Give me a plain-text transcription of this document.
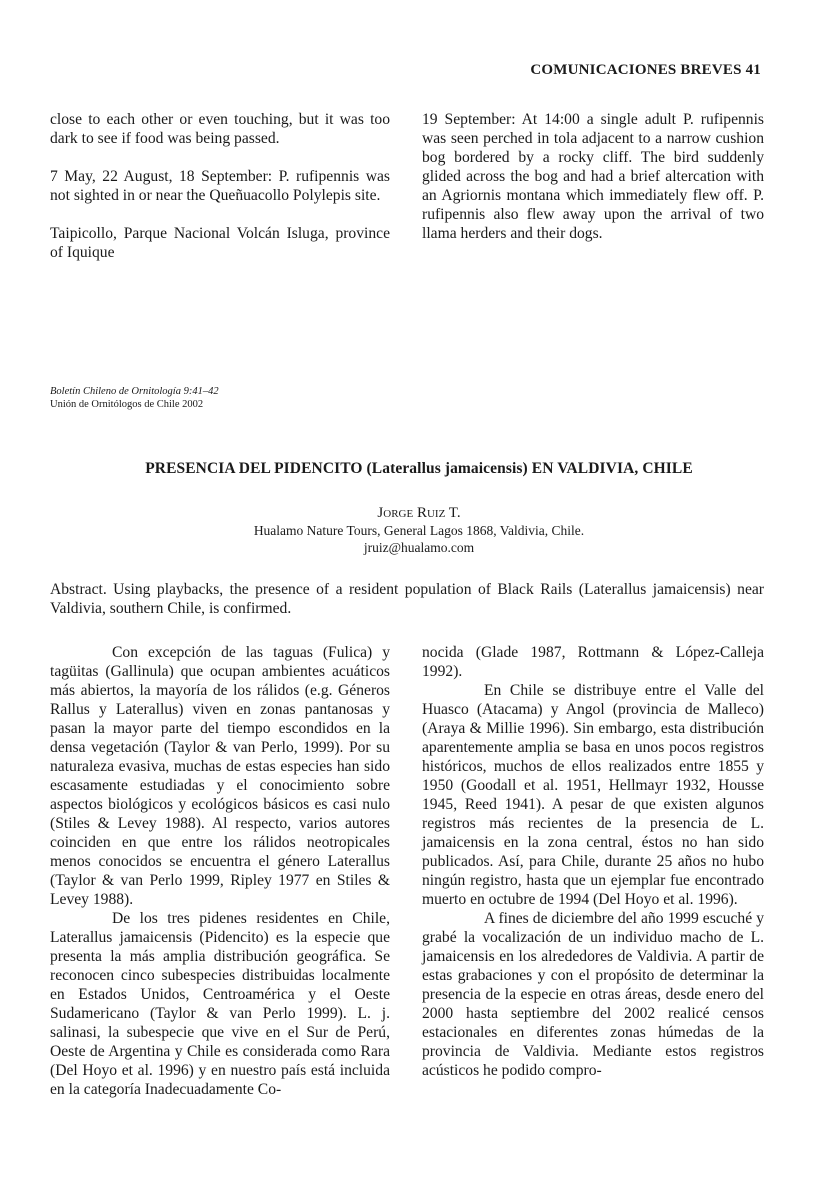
COMUNICACIONES BREVES 41

close to each other or even touching, but it was too dark to see if food was being passed.

7 May, 22 August, 18 September: P. rufipennis was not sighted in or near the Queñuacollo Polylepis site.

Taipicollo, Parque Nacional Volcán Isluga, province of Iquique

19 September: At 14:00 a single adult P. rufipennis was seen perched in tola adjacent to a narrow cushion bog bordered by a rocky cliff. The bird suddenly glided across the bog and had a brief altercation with an Agriornis montana which immediately flew off. P. rufipennis also flew away upon the arrival of two llama herders and their dogs.

Boletín Chileno de Ornitología 9:41–42
Unión de Ornitólogos de Chile 2002
PRESENCIA DEL PIDENCITO (Laterallus jamaicensis) EN VALDIVIA, CHILE
Jorge Ruiz T.
Hualamo Nature Tours, General Lagos 1868, Valdivia, Chile.
jruiz@hualamo.com
Abstract. Using playbacks, the presence of a resident population of Black Rails (Laterallus jamaicensis) near Valdivia, southern Chile, is confirmed.

Con excepción de las taguas (Fulica) y tagüitas (Gallinula) que ocupan ambientes acuáticos más abiertos, la mayoría de los rálidos (e.g. Géneros Rallus y Laterallus) viven en zonas pantanosas y pasan la mayor parte del tiempo escondidos en la densa vegetación (Taylor & van Perlo, 1999). Por su naturaleza evasiva, muchas de estas especies han sido escasamente estudiadas y el conocimiento sobre aspectos biológicos y ecológicos básicos es casi nulo (Stiles & Levey 1988). Al respecto, varios autores coinciden en que entre los rálidos neotropicales menos conocidos se encuentra el género Laterallus (Taylor & van Perlo 1999, Ripley 1977 en Stiles & Levey 1988).

De los tres pidenes residentes en Chile, Laterallus jamaicensis (Pidencito) es la especie que presenta la más amplia distribución geográfica. Se reconocen cinco subespecies distribuidas localmente en Estados Unidos, Centroamérica y el Oeste Sudamericano (Taylor & van Perlo 1999). L. j. salinasi, la subespecie que vive en el Sur de Perú, Oeste de Argentina y Chile es considerada como Rara (Del Hoyo et al. 1996) y en nuestro país está incluida en la categoría Inadecuadamente Co-

nocida (Glade 1987, Rottmann & López-Calleja 1992).

En Chile se distribuye entre el Valle del Huasco (Atacama) y Angol (provincia de Malleco) (Araya & Millie 1996). Sin embargo, esta distribución aparentemente amplia se basa en unos pocos registros históricos, muchos de ellos realizados entre 1855 y 1950 (Goodall et al. 1951, Hellmayr 1932, Housse 1945, Reed 1941). A pesar de que existen algunos registros más recientes de la presencia de L. jamaicensis en la zona central, éstos no han sido publicados. Así, para Chile, durante 25 años no hubo ningún registro, hasta que un ejemplar fue encontrado muerto en octubre de 1994 (Del Hoyo et al. 1996).

A fines de diciembre del año 1999 escuché y grabé la vocalización de un individuo macho de L. jamaicensis en los alrededores de Valdivia. A partir de estas grabaciones y con el propósito de determinar la presencia de la especie en otras áreas, desde enero del 2000 hasta septiembre del 2002 realicé censos estacionales en diferentes zonas húmedas de la provincia de Valdivia. Mediante estos registros acústicos he podido compro-
